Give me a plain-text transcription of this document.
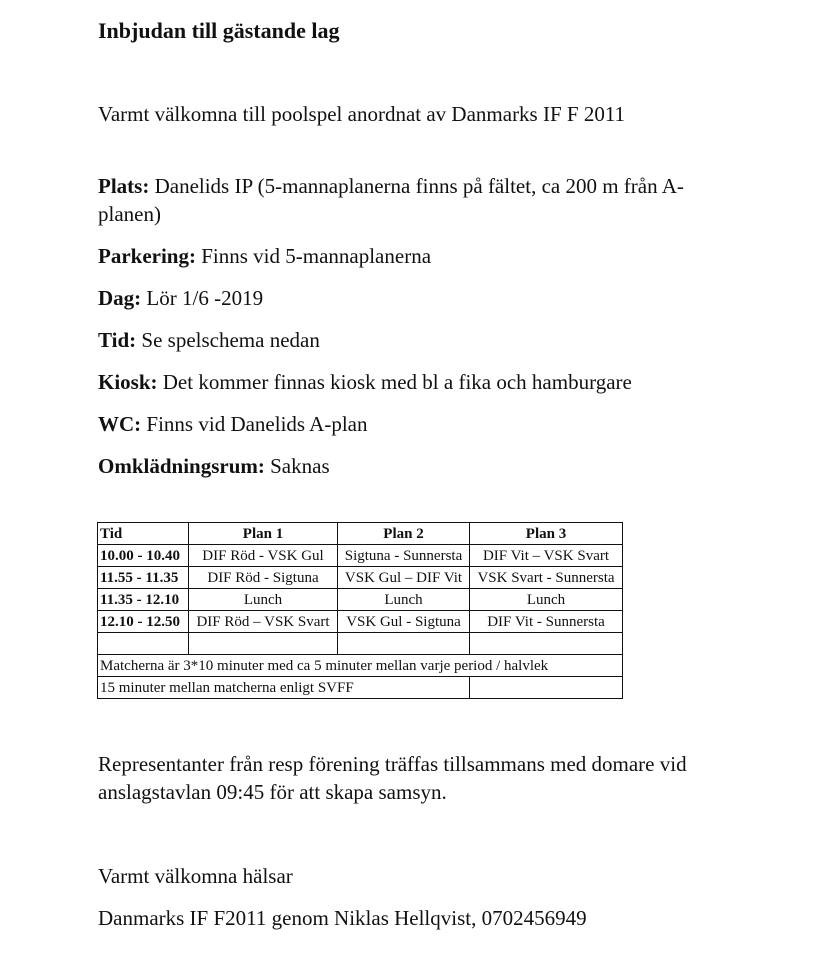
Inbjudan till gästande lag
Varmt välkomna till poolspel anordnat av Danmarks IF F 2011
Plats: Danelids IP (5-mannaplanerna finns på fältet, ca 200 m från A-planen)
Parkering: Finns vid 5-mannaplanerna
Dag: Lör 1/6 -2019
Tid: Se spelschema nedan
Kiosk: Det kommer finnas kiosk med bl a fika och hamburgare
WC: Finns vid Danelids A-plan
Omklädningsrum: Saknas
Tid	Plan 1	Plan 2	Plan 3
10.00 - 10.40	DIF Röd - VSK Gul	Sigtuna - Sunnersta	DIF Vit – VSK Svart
11.55 - 11.35	DIF Röd - Sigtuna	VSK Gul – DIF Vit	VSK Svart - Sunnersta
11.35 - 12.10	Lunch	Lunch	Lunch
12.10 - 12.50	DIF Röd – VSK Svart	VSK Gul - Sigtuna	DIF Vit - Sunnersta

Matcherna är 3*10 minuter med ca 5 minuter mellan varje period / halvlek			
15 minuter mellan matcherna enligt SVFF			
Representanter från resp förening träffas tillsammans med domare vid anslagstavlan 09:45 för att skapa samsyn.
Varmt välkomna hälsar
Danmarks IF F2011 genom Niklas Hellqvist, 0702456949
